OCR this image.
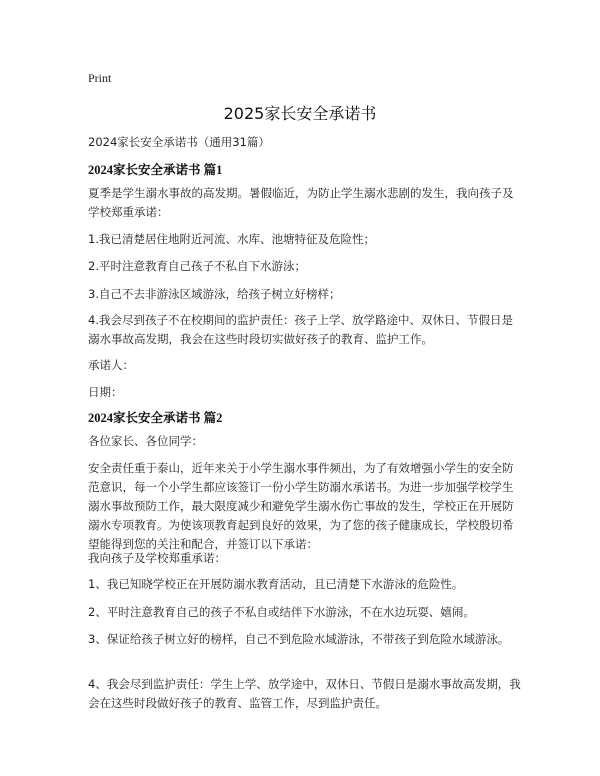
Print
2025家长安全承诺书
2024家长安全承诺书（通用31篇）
2024家长安全承诺书 篇1

夏季是学生溺水事故的高发期。暑假临近，为防止学生溺水悲剧的发生，我向孩子及学校郑重承诺：

1.我已清楚居住地附近河流、水库、池塘特征及危险性；

2.平时注意教育自己孩子不私自下水游泳；

3.自己不去非游泳区域游泳，给孩子树立好榜样；

4.我会尽到孩子不在校期间的监护责任：孩子上学、放学路途中、双休日、节假日是溺水事故高发期，我会在这些时段切实做好孩子的教育、监护工作。

承诺人：

日期：

2024家长安全承诺书 篇2

各位家长、各位同学：

安全责任重于泰山，近年来关于小学生溺水事件频出，为了有效增强小学生的安全防范意识，每一个小学生都应该签订一份小学生防溺水承诺书。为进一步加强学校学生溺水事故预防工作，最大限度减少和避免学生溺水伤亡事故的发生，学校正在开展防溺水专项教育。为使该项教育起到良好的效果，为了您的孩子健康成长，学校殷切希望能得到您的关注和配合，并签订以下承诺：

我向孩子及学校郑重承诺：

1、我已知晓学校正在开展防溺水教育活动，且已清楚下水游泳的危险性。

2、平时注意教育自己的孩子不私自或结伴下水游泳，不在水边玩耍、嬉闹。

3、保证给孩子树立好的榜样，自己不到危险水域游泳，不带孩子到危险水域游泳。

4、我会尽到监护责任：学生上学、放学途中，双休日、节假日是溺水事故高发期，我会在这些时段做好孩子的教育、监管工作，尽到监护责任。
